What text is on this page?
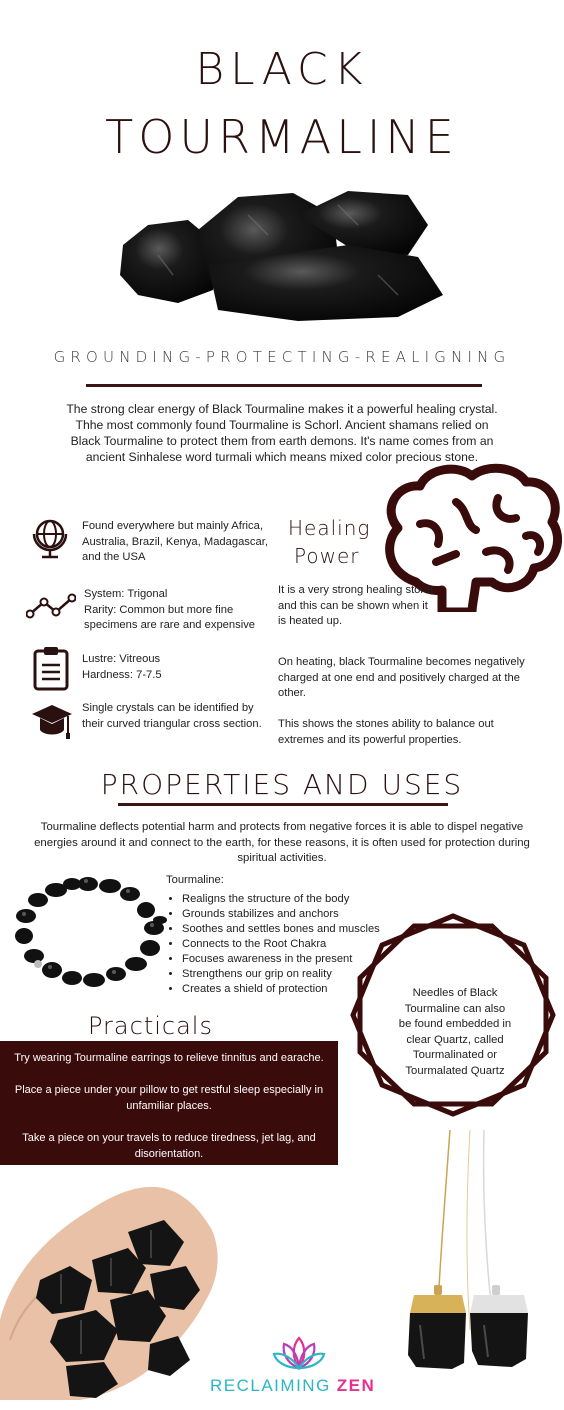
BLACK
TOURMALINE
GROUNDING-PROTECTING-REALIGNING

The strong clear energy of Black Tourmaline makes it a powerful healing crystal. Thhe most commonly found Tourmaline is Schorl. Ancient shamans relied on Black Tourmaline to protect them from earth demons. It's name comes from an ancient Sinhalese word turmali which means mixed color precious stone.

Found everywhere but mainly Africa, Australia, Brazil, Kenya, Madagascar, and the USA

System: Trigonal
Rarity: Common but more fine specimens are rare and expensive

Lustre: Vitreous
Hardness: 7-7.5

Single crystals can be identified by their curved triangular cross section.

Healing
Power

It is a very strong healing stone and this can be shown when it is heated up.

On heating, black Tourmaline becomes negatively charged at one end and positively charged at the other.

This shows the stones ability to balance out extremes and its powerful properties.

PROPERTIES AND USES

Tourmaline deflects potential harm and protects from negative forces it is able to dispel negative energies around it and connect to the earth, for these reasons, it is often used for protection during spiritual activities.

Tourmaline:
• Realigns the structure of the body
• Grounds stabilizes and anchors
• Soothes and settles bones and muscles
• Connects to the Root Chakra
• Focuses awareness in the present
• Strengthens our grip on reality
• Creates a shield of protection	Needles of Black Tourmaline can also be found embedded in clear Quartz, called Tourmalinated or Tourmalated Quartz

Practicals

Try wearing Tourmaline earrings to relieve tinnitus and earache.

Place a piece under your pillow to get restful sleep especially in unfamiliar places.

Take a piece on your travels to reduce tiredness, jet lag, and disorientation.

RECLAIMING ZEN
